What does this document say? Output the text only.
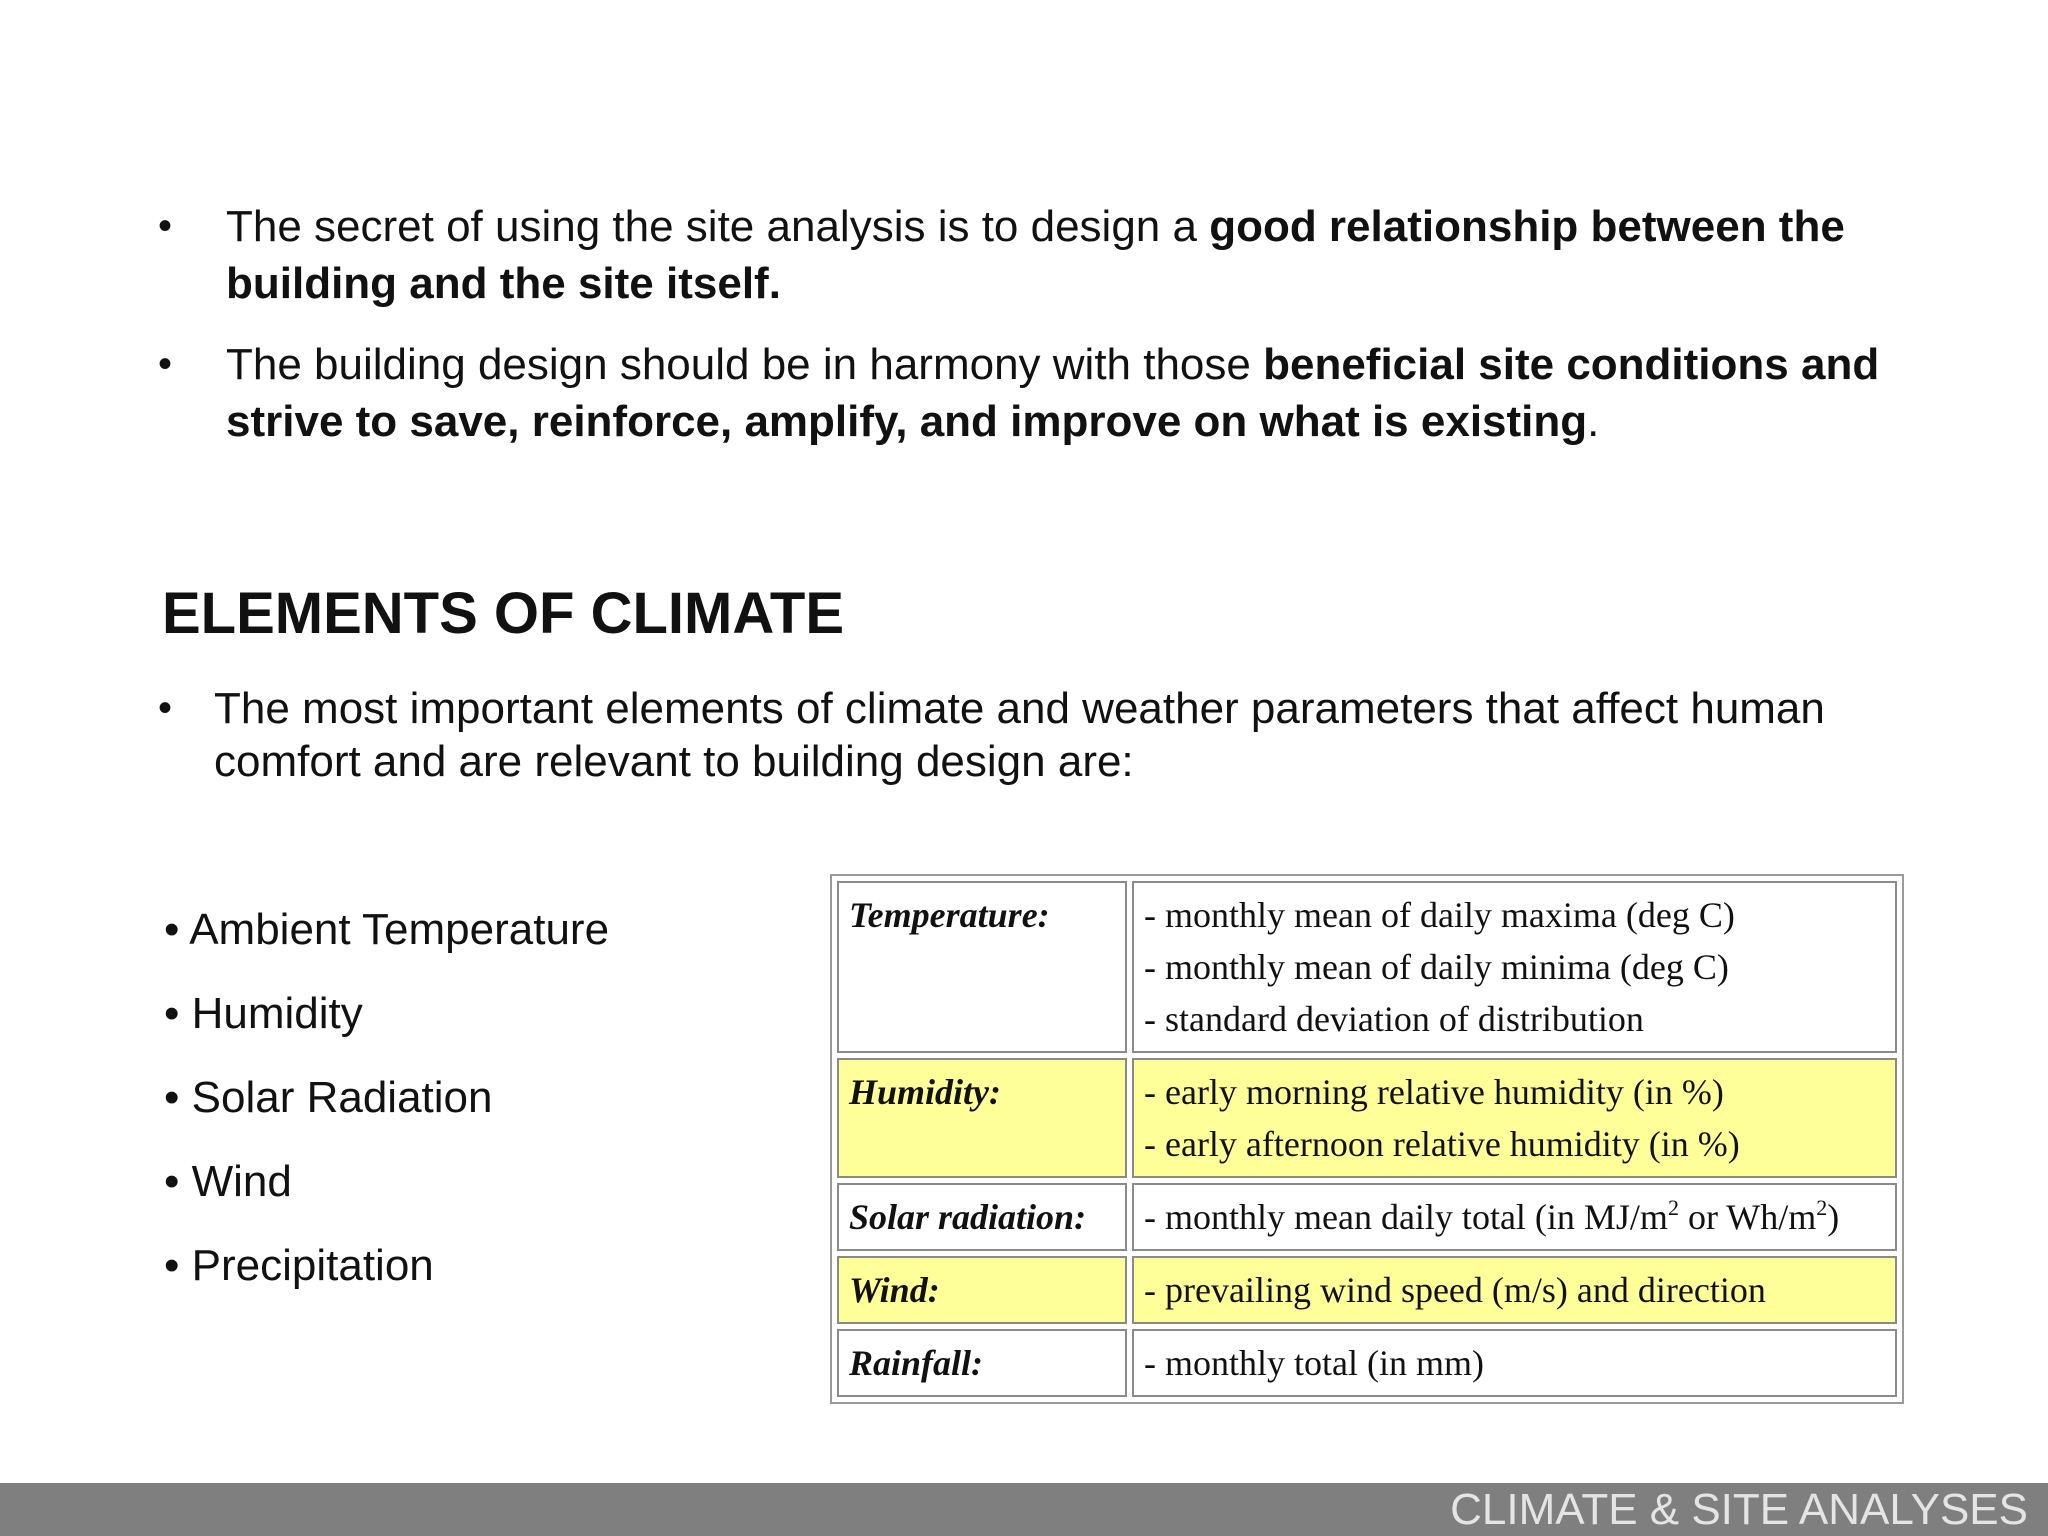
• The secret of using the site analysis is to design a good relationship between the building and the site itself.
• The building design should be in harmony with those beneficial site conditions and strive to save, reinforce, amplify, and improve on what is existing.
ELEMENTS OF CLIMATE

• The most important elements of climate and weather parameters that affect human comfort and are relevant to building design are:

• Ambient Temperature
• Humidity
• Solar Radiation
• Wind
• Precipitation
Temperature:	- monthly mean of daily maxima (deg C)
- monthly mean of daily minima (deg C)
- standard deviation of distribution

Humidity:	- early morning relative humidity (in %)
- early afternoon relative humidity (in %)

Solar radiation:	- monthly mean daily total (in $MJ/m^2$ or $Wh/m^2$)

Wind:	- prevailing wind speed (m/s) and direction

Rainfall:	- monthly total (in mm)
CLIMATE & SITE ANALYSES
